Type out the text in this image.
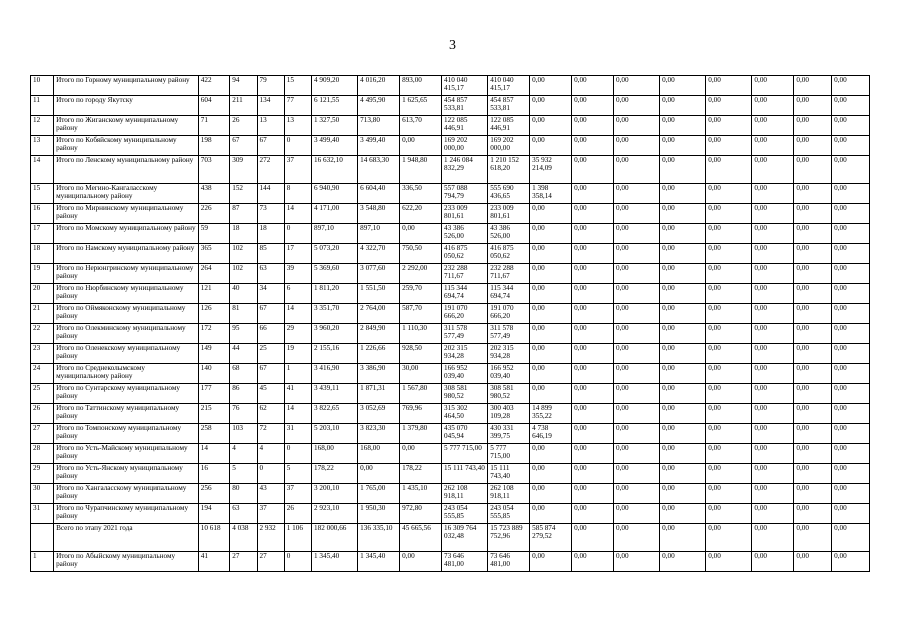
3
10	Итого по Горному муниципальному району	422	94	79	15	4 909,20	4 016,20	893,00	410 040 415,17	410 040 415,17	0,00	0,00	0,00	0,00	0,00	0,00	0,00	0,00
11	Итого по городу Якутску	604	211	134	77	6 121,55	4 495,90	1 625,65	454 857 533,81	454 857 533,81	0,00	0,00	0,00	0,00	0,00	0,00	0,00	0,00
12	Итого по Жиганскому муниципальному району	71	26	13	13	1 327,50	713,80	613,70	122 085 446,91	122 085 446,91	0,00	0,00	0,00	0,00	0,00	0,00	0,00	0,00
13	Итого по Кобяйскому муниципальному району	198	67	67	0	3 499,40	3 499,40	0,00	169 202 000,00	169 202 000,00	0,00	0,00	0,00	0,00	0,00	0,00	0,00	0,00
14	Итого по Ленскому муниципальному району	703	309	272	37	16 632,10	14 683,30	1 948,80	1 246 084 832,29	1 210 152 618,20	35 932 214,09	0,00	0,00	0,00	0,00	0,00	0,00	0,00
15	Итого по Мегино-Кангаласскому муниципальному району	438	152	144	8	6 940,90	6 604,40	336,50	557 088 794,79	555 690 436,65	1 398 358,14	0,00	0,00	0,00	0,00	0,00	0,00	0,00
16	Итого по Мирнинскому муниципальному району	226	87	73	14	4 171,00	3 548,80	622,20	233 009 801,61	233 009 801,61	0,00	0,00	0,00	0,00	0,00	0,00	0,00	0,00
17	Итого по Момскому муниципальному району	59	18	18	0	897,10	897,10	0,00	43 386 526,00	43 386 526,00	0,00	0,00	0,00	0,00	0,00	0,00	0,00	0,00
18	Итого по Намскому муниципальному району	365	102	85	17	5 073,20	4 322,70	750,50	416 875 050,62	416 875 050,62	0,00	0,00	0,00	0,00	0,00	0,00	0,00	0,00
19	Итого по Нерюнгринскому муниципальному району	264	102	63	39	5 369,60	3 077,60	2 292,00	232 288 711,67	232 288 711,67	0,00	0,00	0,00	0,00	0,00	0,00	0,00	0,00
20	Итого по Нюрбинскому муниципальному району	121	40	34	6	1 811,20	1 551,50	259,70	115 344 694,74	115 344 694,74	0,00	0,00	0,00	0,00	0,00	0,00	0,00	0,00
21	Итого по Оймяконскому муниципальному району	126	81	67	14	3 351,70	2 764,00	587,70	191 070 666,20	191 070 666,20	0,00	0,00	0,00	0,00	0,00	0,00	0,00	0,00
22	Итого по Олекминскому муниципальному району	172	95	66	29	3 960,20	2 849,90	1 110,30	311 578 577,49	311 578 577,49	0,00	0,00	0,00	0,00	0,00	0,00	0,00	0,00
23	Итого по Оленекскому муниципальному району	149	44	25	19	2 155,16	1 226,66	928,50	202 315 934,28	202 315 934,28	0,00	0,00	0,00	0,00	0,00	0,00	0,00	0,00
24	Итого по Среднеколымскому муниципальному району	140	68	67	1	3 416,90	3 386,90	30,00	166 952 039,40	166 952 039,40	0,00	0,00	0,00	0,00	0,00	0,00	0,00	0,00
25	Итого по Сунтарскому муниципальному району	177	86	45	41	3 439,11	1 871,31	1 567,80	308 581 980,52	308 581 980,52	0,00	0,00	0,00	0,00	0,00	0,00	0,00	0,00
26	Итого по Таттинскому муниципальному району	215	76	62	14	3 822,65	3 052,69	769,96	315 302 464,50	300 403 109,28	14 899 355,22	0,00	0,00	0,00	0,00	0,00	0,00	0,00
27	Итого по Томпонскому муниципальному району	258	103	72	31	5 203,10	3 823,30	1 379,80	435 070 045,94	430 331 399,75	4 738 646,19	0,00	0,00	0,00	0,00	0,00	0,00	0,00
28	Итого по Усть-Майскому муниципальному району	14	4	4	0	168,00	168,00	0,00	5 777 715,00	5 777 715,00	0,00	0,00	0,00	0,00	0,00	0,00	0,00	0,00
29	Итого по Усть-Янскому муниципальному району	16	5	0	5	178,22	0,00	178,22	15 111 743,40	15 111 743,40	0,00	0,00	0,00	0,00	0,00	0,00	0,00	0,00
30	Итого по Хангаласскому муниципальному району	256	80	43	37	3 200,10	1 765,00	1 435,10	262 108 918,11	262 108 918,11	0,00	0,00	0,00	0,00	0,00	0,00	0,00	0,00
31	Итого по Чурапчинскому муниципальному району	194	63	37	26	2 923,10	1 950,30	972,80	243 054 555,85	243 054 555,85	0,00	0,00	0,00	0,00	0,00	0,00	0,00	0,00
	Всего по этапу 2021 года	10 618	4 038	2 932	1 106	182 000,66	136 335,10	45 665,56	16 309 764 032,48	15 723 889 752,96	585 874 279,52	0,00	0,00	0,00	0,00	0,00	0,00	0,00
1	Итого по Абыйскому муниципальному району	41	27	27	0	1 345,40	1 345,40	0,00	73 646 481,00	73 646 481,00	0,00	0,00	0,00	0,00	0,00	0,00	0,00	0,00
